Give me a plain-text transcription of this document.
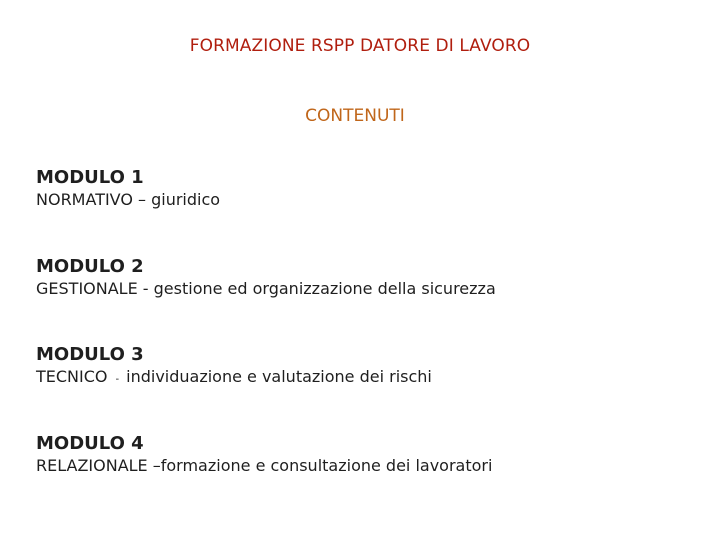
FORMAZIONE RSPP DATORE DI LAVORO
CONTENUTI
MODULO 1
NORMATIVO – giuridico
MODULO 2
GESTIONALE - gestione ed organizzazione della sicurezza
MODULO 3
TECNICO - individuazione e valutazione dei rischi
MODULO 4
RELAZIONALE –formazione e consultazione dei lavoratori
